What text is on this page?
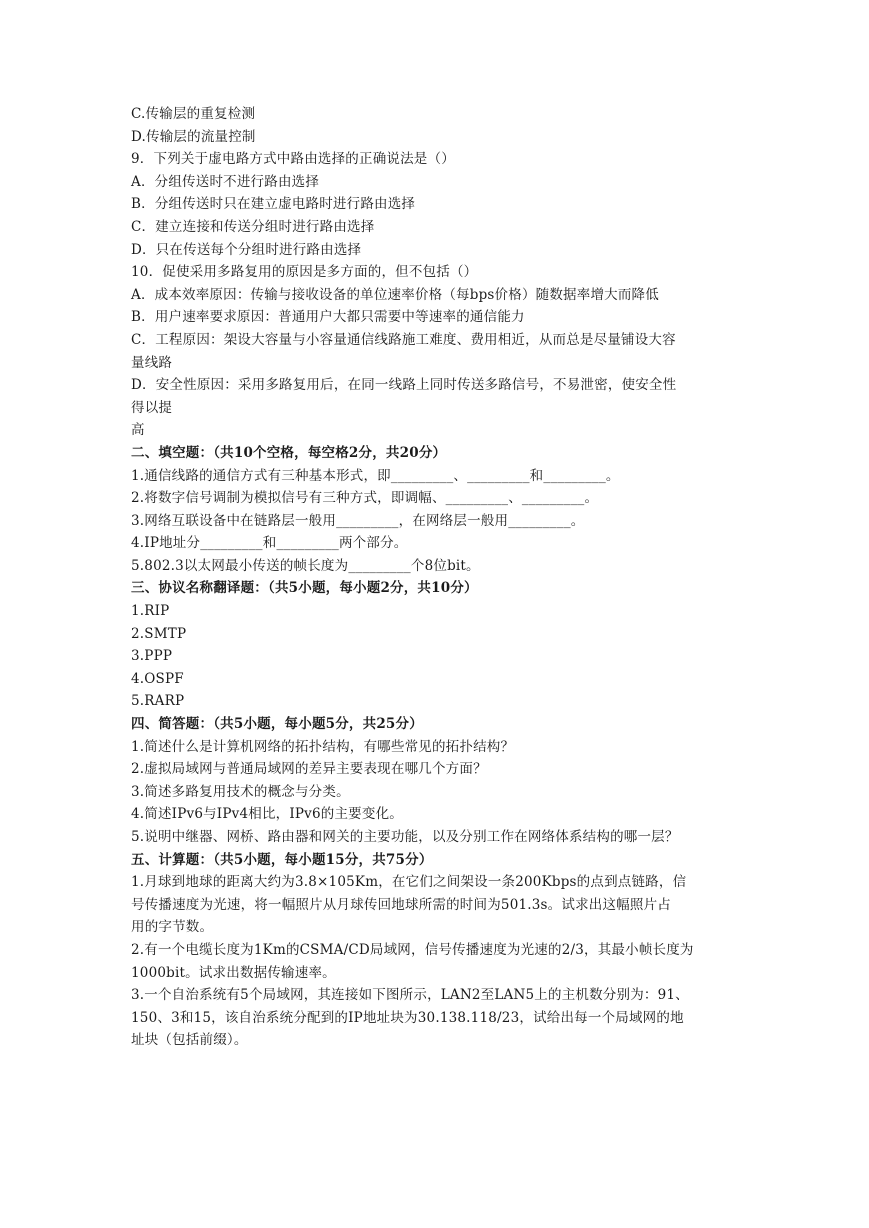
C.传输层的重复检测
D.传输层的流量控制
9．下列关于虚电路方式中路由选择的正确说法是（）
A．分组传送时不进行路由选择
B．分组传送时只在建立虚电路时进行路由选择
C．建立连接和传送分组时进行路由选择
D．只在传送每个分组时进行路由选择
10．促使采用多路复用的原因是多方面的，但不包括（）
A．成本效率原因：传输与接收设备的单位速率价格（每bps价格）随数据率增大而降低
B．用户速率要求原因：普通用户大都只需要中等速率的通信能力
C．工程原因：架设大容量与小容量通信线路施工难度、费用相近，从而总是尽量铺设大容
量线路
D．安全性原因：采用多路复用后，在同一线路上同时传送多路信号，不易泄密，使安全性
得以提
高
二、填空题：（共10个空格，每空格2分，共20分）
1.通信线路的通信方式有三种基本形式，即_________、_________和_________。
2.将数字信号调制为模拟信号有三种方式，即调幅、_________、_________。
3.网络互联设备中在链路层一般用_________，在网络层一般用_________。
4.IP地址分_________和_________两个部分。
5.802.3以太网最小传送的帧长度为_________个8位bit。
三、协议名称翻译题：（共5小题，每小题2分，共10分）
1.RIP
2.SMTP
3.PPP
4.OSPF
5.RARP
四、简答题：（共5小题，每小题5分，共25分）
1.简述什么是计算机网络的拓扑结构，有哪些常见的拓扑结构？
2.虚拟局域网与普通局域网的差异主要表现在哪几个方面？
3.简述多路复用技术的概念与分类。
4.简述IPv6与IPv4相比，IPv6的主要变化。
5.说明中继器、网桥、路由器和网关的主要功能，以及分别工作在网络体系结构的哪一层？
五、计算题：（共5小题，每小题15分，共75分）
1.月球到地球的距离大约为3.8×105Km，在它们之间架设一条200Kbps的点到点链路，信
号传播速度为光速，将一幅照片从月球传回地球所需的时间为501.3s。试求出这幅照片占
用的字节数。
2.有一个电缆长度为1Km的CSMA/CD局域网，信号传播速度为光速的2/3，其最小帧长度为
1000bit。试求出数据传输速率。
3.一个自治系统有5个局域网，其连接如下图所示，LAN2至LAN5上的主机数分别为：91、
150、3和15，该自治系统分配到的IP地址块为30.138.118/23，试给出每一个局域网的地
址块（包括前缀）。
